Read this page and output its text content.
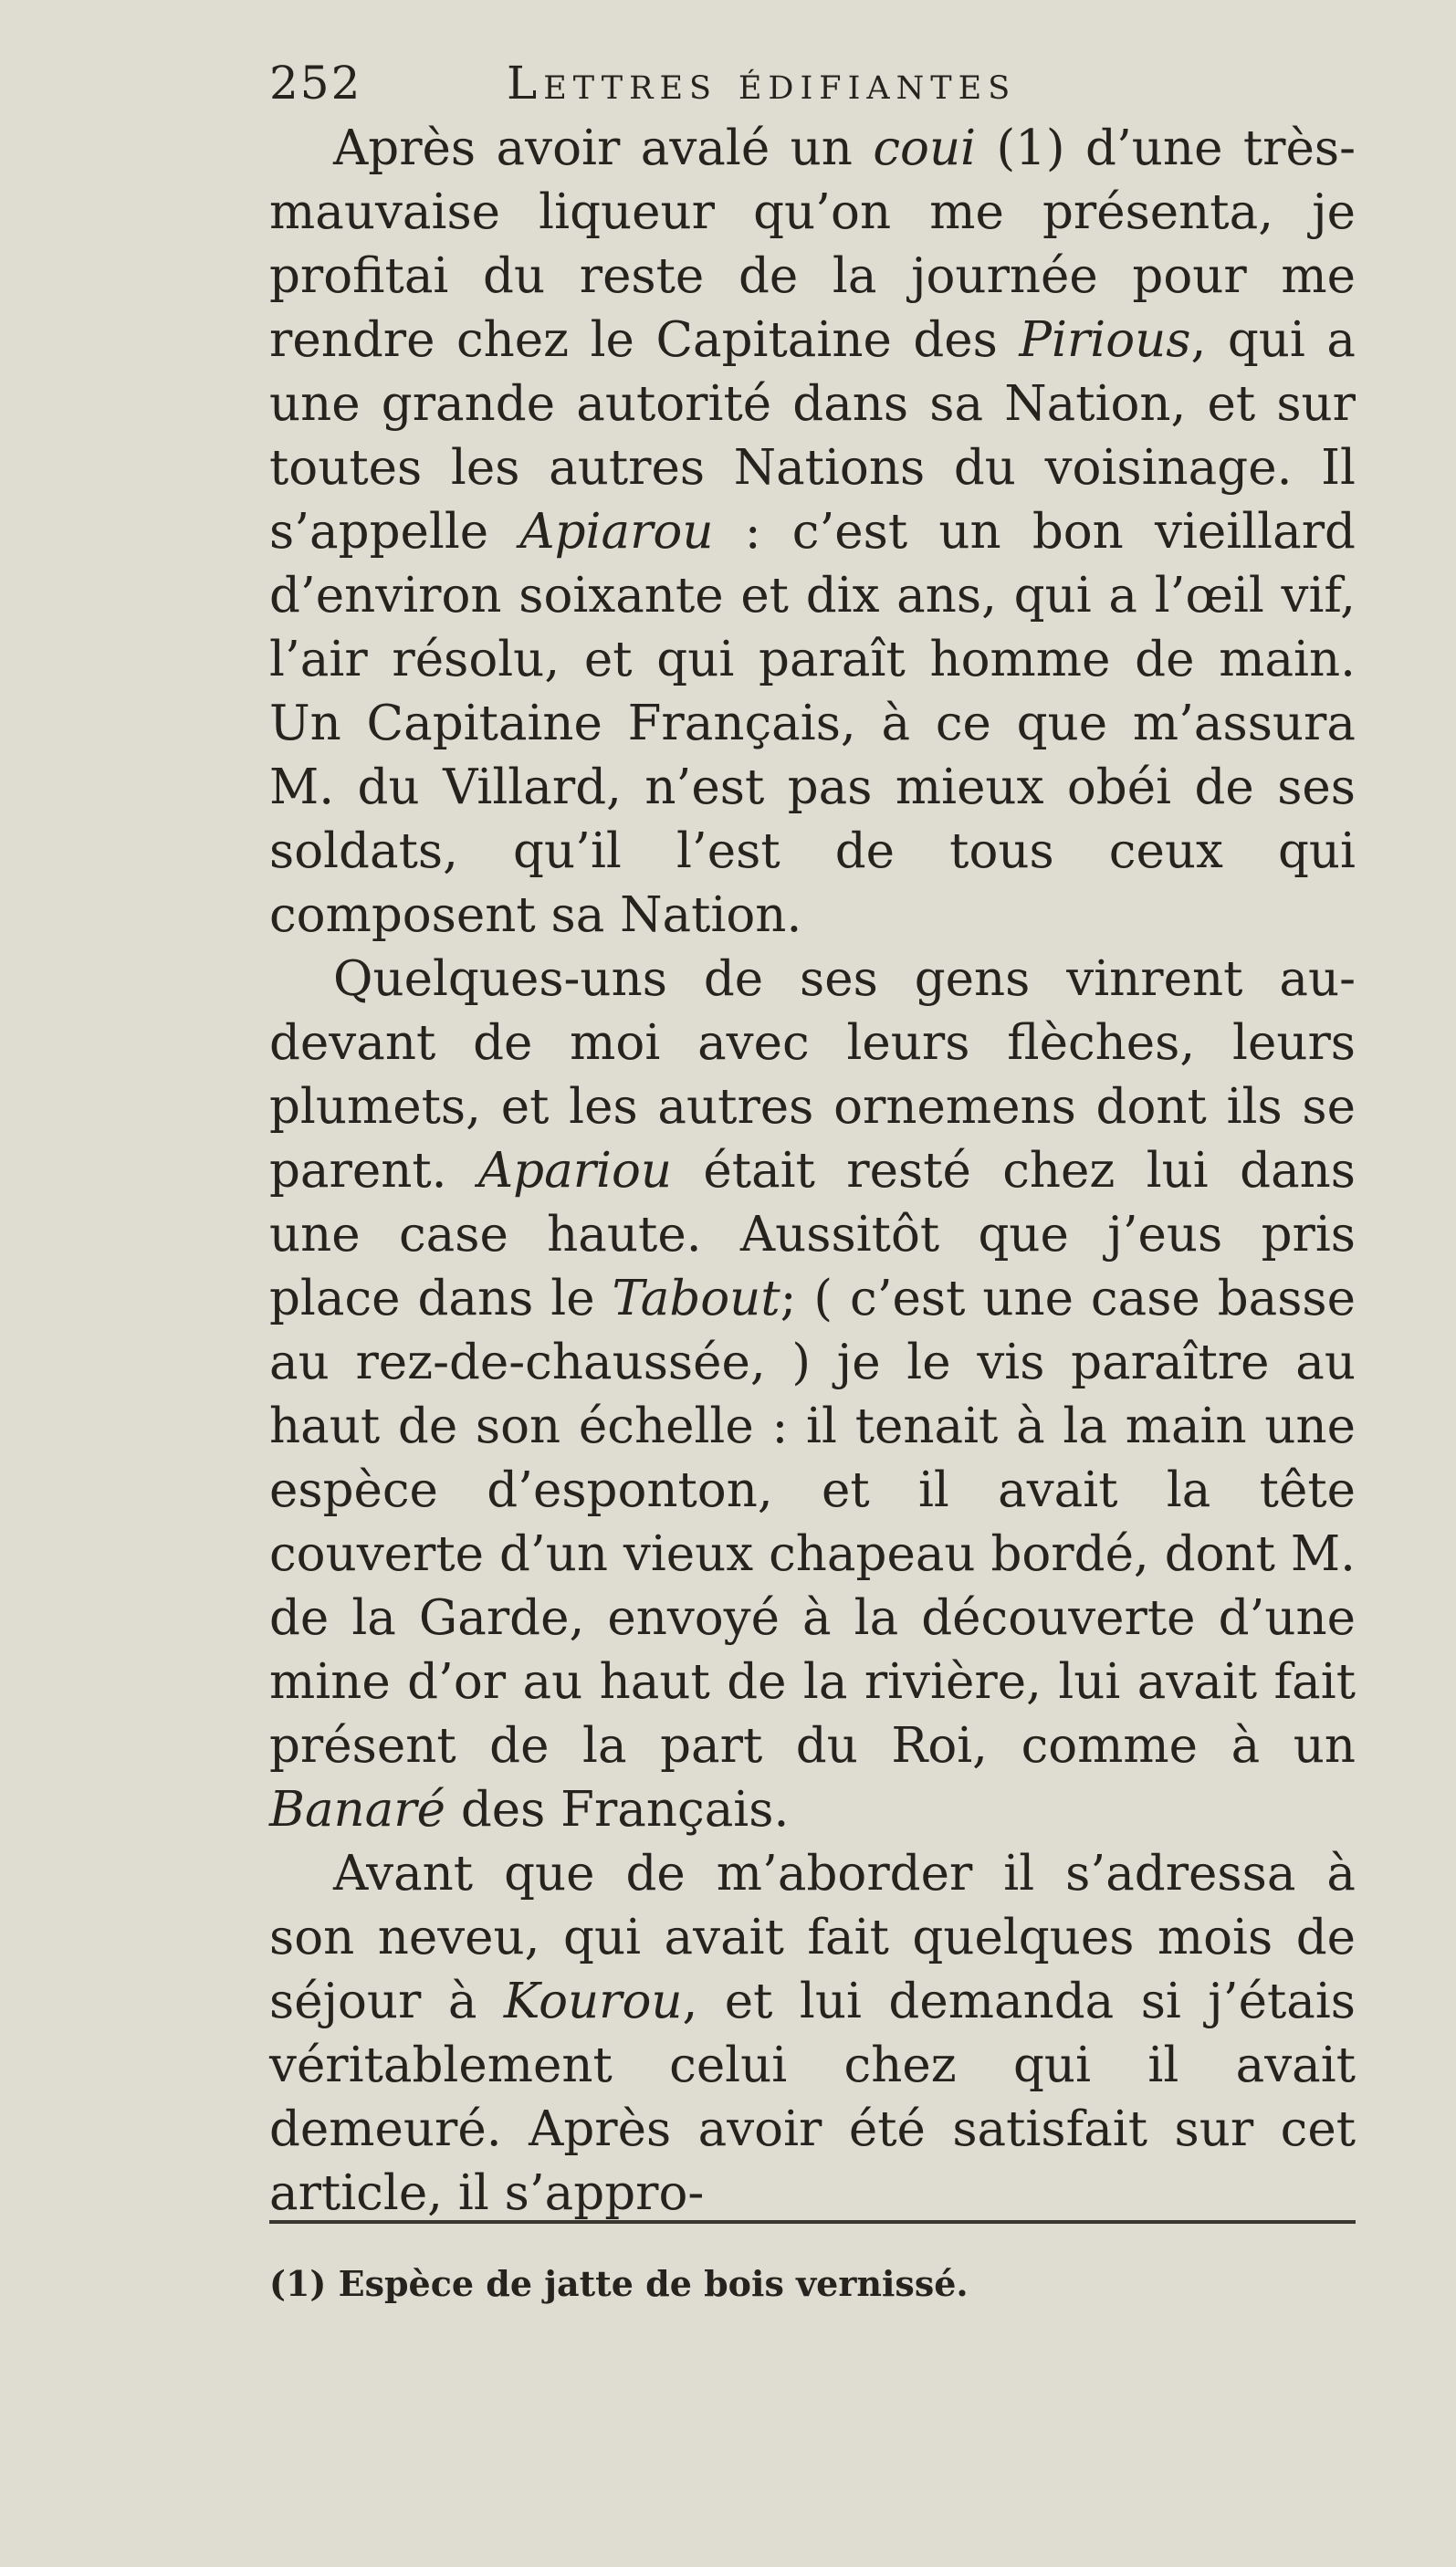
252	Lettres édifiantes

Après avoir avalé un coui (1) d’une très-mauvaise liqueur qu’on me présenta, je profitai du reste de la journée pour me rendre chez le Capitaine des Pirious, qui a une grande autorité dans sa Nation, et sur toutes les autres Nations du voisinage. Il s’appelle Apiarou : c’est un bon vieillard d’environ soixante et dix ans, qui a l’œil vif, l’air résolu, et qui paraît homme de main. Un Capitaine Français, à ce que m’assura M. du Villard, n’est pas mieux obéi de ses soldats, qu’il l’est de tous ceux qui composent sa Nation.

Quelques-uns de ses gens vinrent au-devant de moi avec leurs flèches, leurs plumets, et les autres ornemens dont ils se parent. Apariou était resté chez lui dans une case haute. Aussitôt que j’eus pris place dans le Tabout; ( c’est une case basse au rez-de-chaussée, ) je le vis paraître au haut de son échelle : il tenait à la main une espèce d’esponton, et il avait la tête couverte d’un vieux chapeau bordé, dont M. de la Garde, envoyé à la découverte d’une mine d’or au haut de la rivière, lui avait fait présent de la part du Roi, comme à un Banaré des Français.

Avant que de m’aborder il s’adressa à son neveu, qui avait fait quelques mois de séjour à Kourou, et lui demanda si j’étais véritablement celui chez qui il avait demeuré. Après avoir été satisfait sur cet article, il s’appro-

(1) Espèce de jatte de bois vernissé.
